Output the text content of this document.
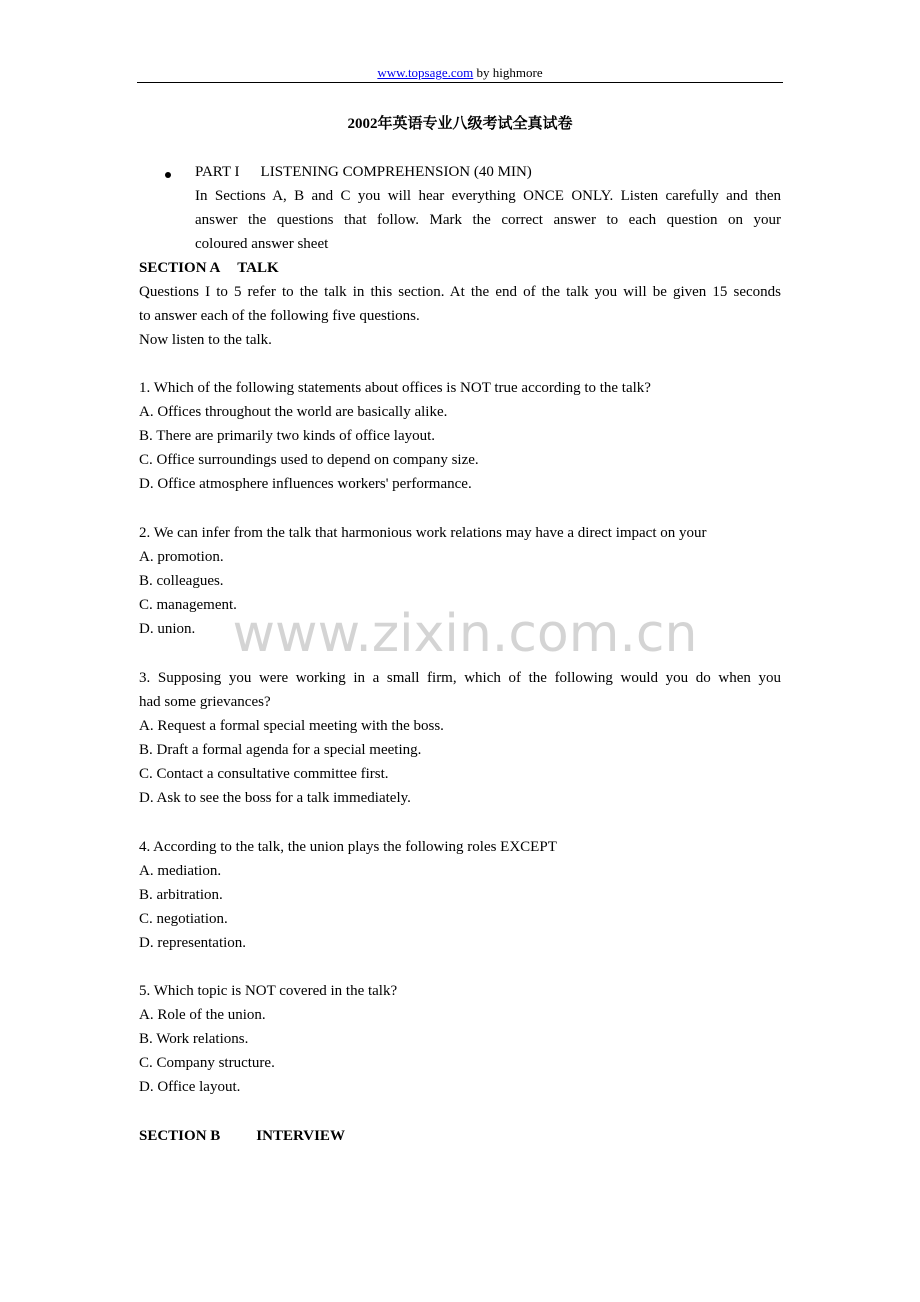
www.topsage.com by highmore
2002年英语专业八级考试全真试卷
PART I LISTENING COMPREHENSION (40 MIN)
In Sections A, B and C you will hear everything ONCE ONLY. Listen carefully and then
answer the questions that follow. Mark the correct answer to each question on your
coloured answer sheet
SECTION A TALK
Questions I to 5 refer to the talk in this section. At the end of the talk you will be given 15 seconds
to answer each of the following five questions.
Now listen to the talk.
1. Which of the following statements about offices is NOT true according to the talk?
A. Offices throughout the world are basically alike.
B. There are primarily two kinds of office layout.
C. Office surroundings used to depend on company size.
D. Office atmosphere influences workers' performance.
2. We can infer from the talk that harmonious work relations may have a direct impact on your
A. promotion.
B. colleagues.
C. management.
D. union. www.zixin.com.cn
3. Supposing you were working in a small firm, which of the following would you do when you
had some grievances?
A. Request a formal special meeting with the boss.
B. Draft a formal agenda for a special meeting.
C. Contact a consultative committee first.
D. Ask to see the boss for a talk immediately.
4. According to the talk, the union plays the following roles EXCEPT
A. mediation.
B. arbitration.
C. negotiation.
D. representation.
5. Which topic is NOT covered in the talk?
A. Role of the union.
B. Work relations.
C. Company structure.
D. Office layout.
SECTION B INTERVIEW
